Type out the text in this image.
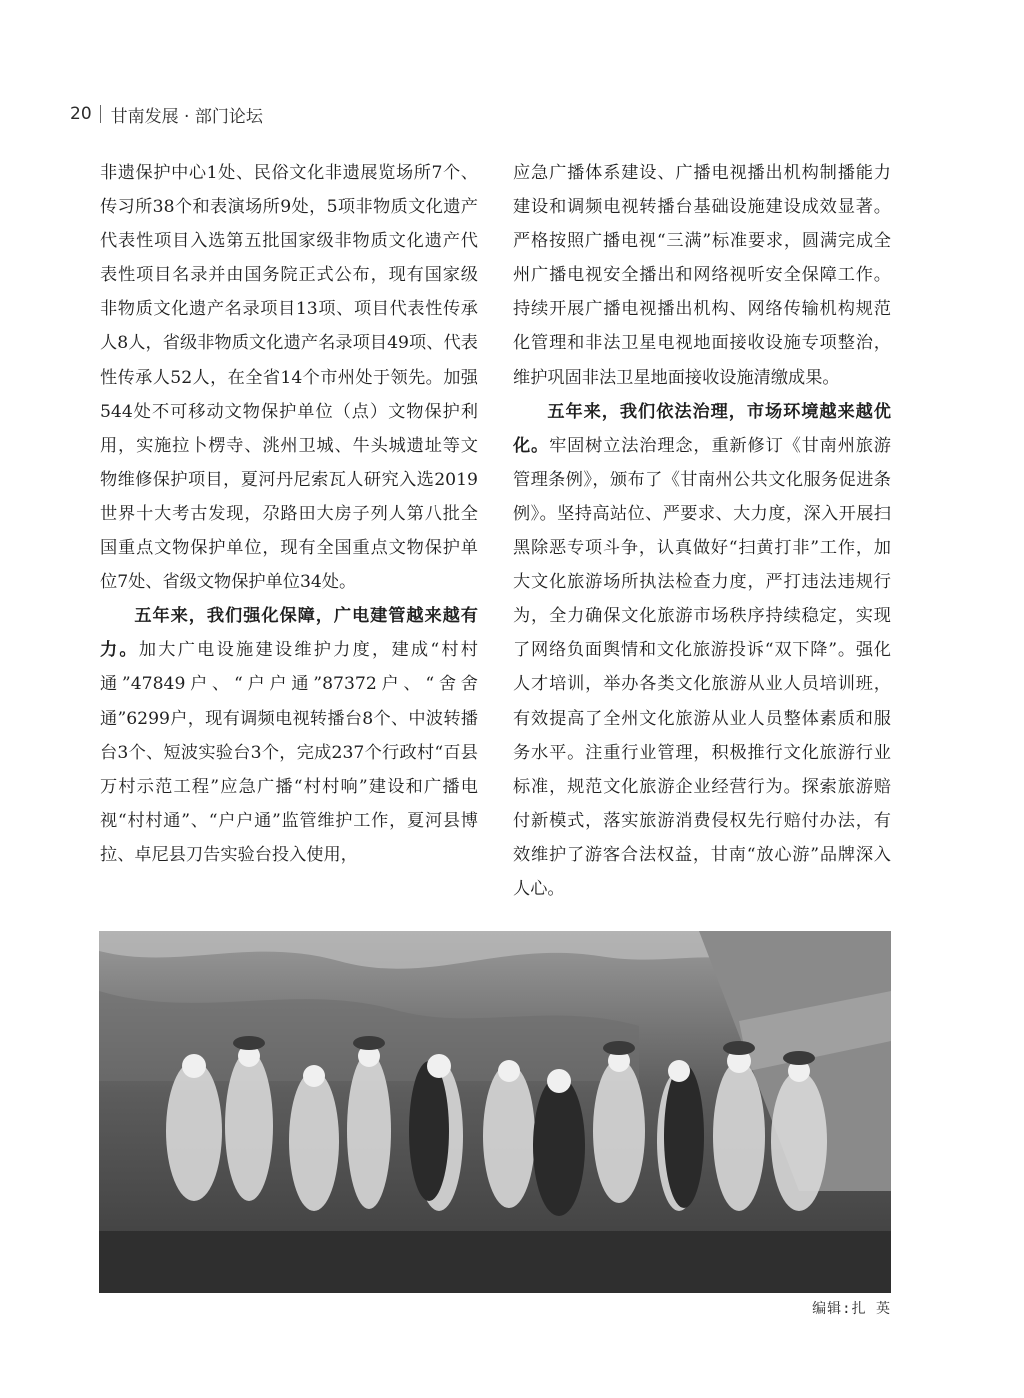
20 甘南发展 · 部门论坛

非遗保护中心1处、民俗文化非遗展览场所7个、传习所38个和表演场所9处，5项非物质文化遗产代表性项目入选第五批国家级非物质文化遗产代表性项目名录并由国务院正式公布，现有国家级非物质文化遗产名录项目13项、项目代表性传承人8人，省级非物质文化遗产名录项目49项、代表性传承人52人，在全省14个市州处于领先。加强544处不可移动文物保护单位（点）文物保护利用，实施拉卜楞寺、洮州卫城、牛头城遗址等文物维修保护项目，夏河丹尼索瓦人研究入选2019世界十大考古发现，尕路田大房子列人第八批全国重点文物保护单位，现有全国重点文物保护单位7处、省级文物保护单位34处。

五年来，我们强化保障，广电建管越来越有力。加大广电设施建设维护力度，建成“村村通”47849户、“户户通”87372户、“舍舍通”6299户，现有调频电视转播台8个、中波转播台3个、短波实验台3个，完成237个行政村“百县万村示范工程”应急广播“村村响”建设和广播电视“村村通”、“户户通”监管维护工作，夏河县博拉、卓尼县刀告实验台投入使用，

应急广播体系建设、广播电视播出机构制播能力建设和调频电视转播台基础设施建设成效显著。严格按照广播电视“三满”标准要求，圆满完成全州广播电视安全播出和网络视听安全保障工作。持续开展广播电视播出机构、网络传输机构规范化管理和非法卫星电视地面接收设施专项整治，维护巩固非法卫星地面接收设施清缴成果。

五年来，我们依法治理，市场环境越来越优化。牢固树立法治理念，重新修订《甘南州旅游管理条例》，颁布了《甘南州公共文化服务促进条例》。坚持高站位、严要求、大力度，深入开展扫黑除恶专项斗争，认真做好“扫黄打非”工作，加大文化旅游场所执法检查力度，严打违法违规行为，全力确保文化旅游市场秩序持续稳定，实现了网络负面舆情和文化旅游投诉“双下降”。强化人才培训，举办各类文化旅游从业人员培训班，有效提高了全州文化旅游从业人员整体素质和服务水平。注重行业管理，积极推行文化旅游行业标准，规范文化旅游企业经营行为。探索旅游赔付新模式，落实旅游消费侵权先行赔付办法，有效维护了游客合法权益，甘南“放心游”品牌深入人心。

编辑:扎 英
